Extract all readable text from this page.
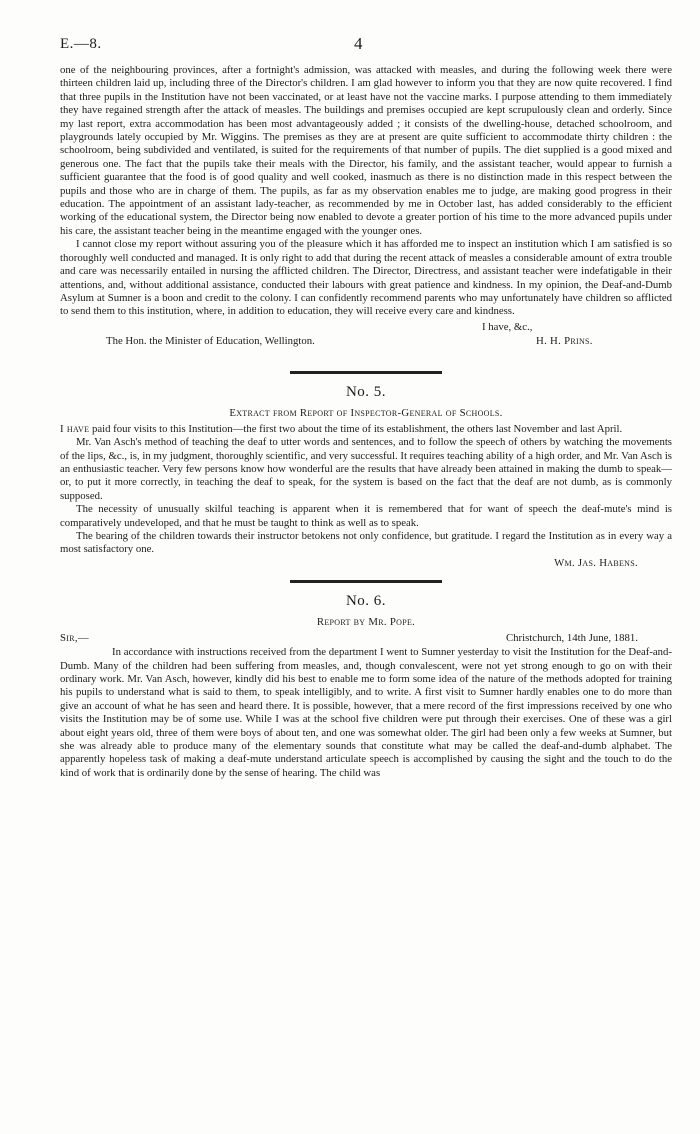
E.—8.	4

one of the neighbouring provinces, after a fortnight's admission, was attacked with measles, and during the following week there were thirteen children laid up, including three of the Director's children. I am glad however to inform you that they are now quite recovered. I find that three pupils in the Institution have not been vaccinated, or at least have not the vaccine marks. I purpose attending to them immediately they have regained strength after the attack of measles. The buildings and premises occupied are kept scrupulously clean and orderly. Since my last report, extra accommodation has been most advantageously added ; it consists of the dwelling-house, detached schoolroom, and playgrounds lately occupied by Mr. Wiggins. The premises as they are at present are quite sufficient to accommodate thirty children : the schoolroom, being subdivided and ventilated, is suited for the requirements of that number of pupils. The diet supplied is a good mixed and generous one. The fact that the pupils take their meals with the Director, his family, and the assistant teacher, would appear to furnish a sufficient guarantee that the food is of good quality and well cooked, inasmuch as there is no distinction made in this respect between the pupils and those who are in charge of them. The pupils, as far as my observation enables me to judge, are making good progress in their education. The appointment of an assistant lady-teacher, as recommended by me in October last, has added considerably to the efficient working of the educational system, the Director being now enabled to devote a greater portion of his time to the more advanced pupils under his care, the assistant teacher being in the meantime engaged with the younger ones.

I cannot close my report without assuring you of the pleasure which it has afforded me to inspect an institution which I am satisfied is so thoroughly well conducted and managed. It is only right to add that during the recent attack of measles a considerable amount of extra trouble and care was necessarily entailed in nursing the afflicted children. The Director, Directress, and assistant teacher were indefatigable in their attentions, and, without additional assistance, conducted their labours with great patience and kindness. In my opinion, the Deaf-and-Dumb Asylum at Sumner is a boon and credit to the colony. I can confidently recommend parents who may unfortunately have children so afflicted to send them to this institution, where, in addition to education, they will receive every care and kindness.

I have, &c.,
The Hon. the Minister of Education, Wellington.	H. H. Prins.
No. 5.
Extract from Report of Inspector-General of Schools.

I have paid four visits to this Institution—the first two about the time of its establishment, the others last November and last April.

Mr. Van Asch's method of teaching the deaf to utter words and sentences, and to follow the speech of others by watching the movements of the lips, &c., is, in my judgment, thoroughly scientific, and very successful. It requires teaching ability of a high order, and Mr. Van Asch is an enthusiastic teacher. Very few persons know how wonderful are the results that have already been attained in making the dumb to speak—or, to put it more correctly, in teaching the deaf to speak, for the system is based on the fact that the deaf are not dumb, as is commonly supposed.

The necessity of unusually skilful teaching is apparent when it is remembered that for want of speech the deaf-mute's mind is comparatively undeveloped, and that he must be taught to think as well as to speak.

The bearing of the children towards their instructor betokens not only confidence, but gratitude. I regard the Institution as in every way a most satisfactory one.

Wm. Jas. Habens.
No. 6.
Report by Mr. Pope.
Sir,—	Christchurch, 14th June, 1881.

In accordance with instructions received from the department I went to Sumner yesterday to visit the Institution for the Deaf-and-Dumb. Many of the children had been suffering from measles, and, though convalescent, were not yet strong enough to go on with their ordinary work. Mr. Van Asch, however, kindly did his best to enable me to form some idea of the nature of the methods adopted for training his pupils to understand what is said to them, to speak intelligibly, and to write. A first visit to Sumner hardly enables one to do more than give an account of what he has seen and heard there. It is possible, however, that a mere record of the first impressions received by one who visits the Institution may be of some use. While I was at the school five children were put through their exercises. One of these was a girl about eight years old, three of them were boys of about ten, and one was somewhat older. The girl had been only a few weeks at Sumner, but she was already able to produce many of the elementary sounds that constitute what may be called the deaf-and-dumb alphabet. The apparently hopeless task of making a deaf-mute understand articulate speech is accomplished by causing the sight and the touch to do the kind of work that is ordinarily done by the sense of hearing. The child was
